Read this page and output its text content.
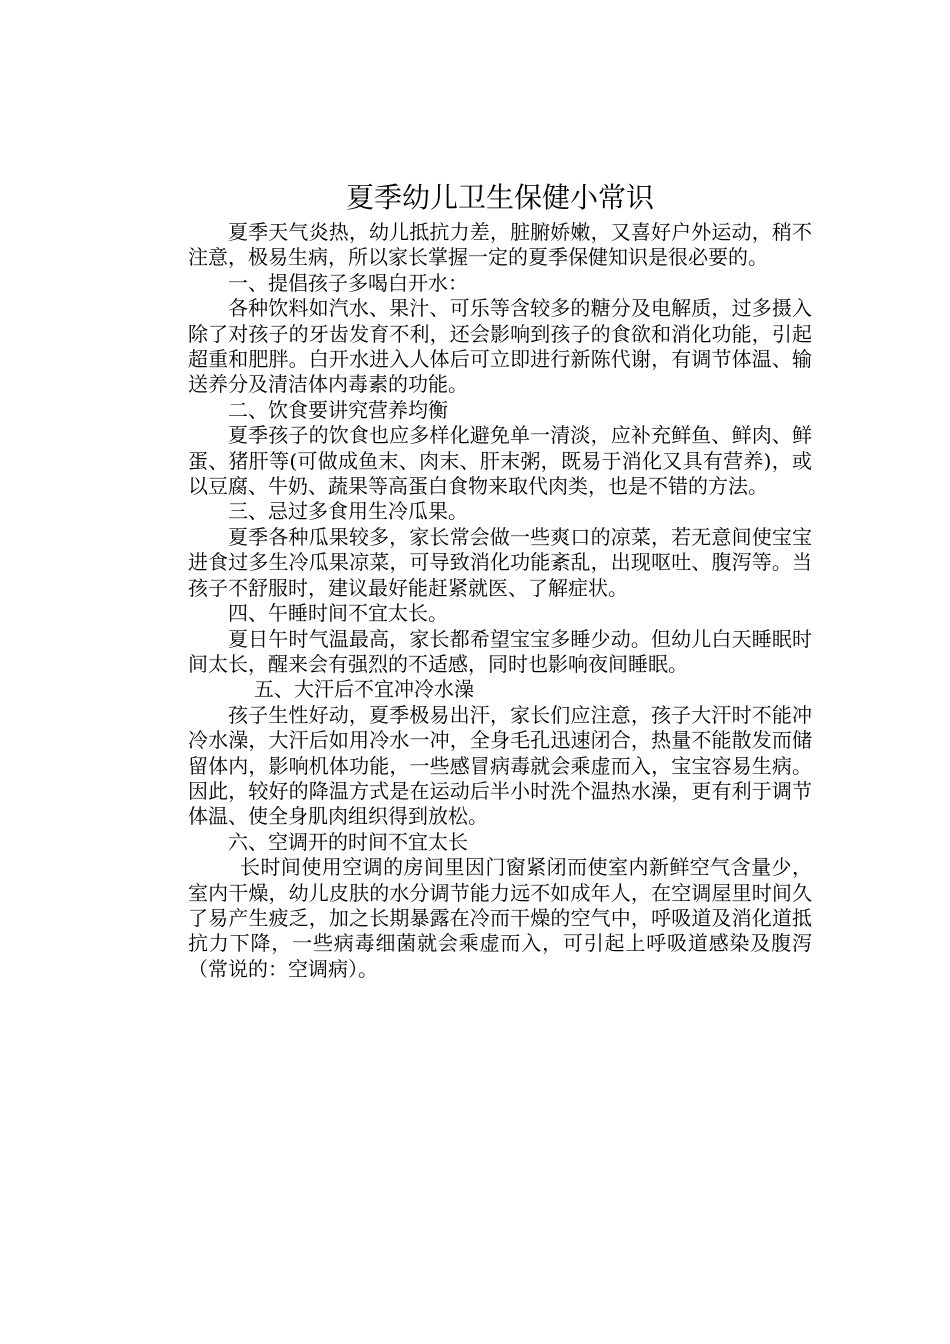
夏季幼儿卫生保健小常识

夏季天气炎热，幼儿抵抗力差，脏腑娇嫩，又喜好户外运动，稍不注意，极易生病，所以家长掌握一定的夏季保健知识是很必要的。

一、提倡孩子多喝白开水：

各种饮料如汽水、果汁、可乐等含较多的糖分及电解质，过多摄入除了对孩子的牙齿发育不利，还会影响到孩子的食欲和消化功能，引起超重和肥胖。白开水进入人体后可立即进行新陈代谢，有调节体温、输送养分及清洁体内毒素的功能。

二、饮食要讲究营养均衡

夏季孩子的饮食也应多样化避免单一清淡，应补充鲜鱼、鲜肉、鲜蛋、猪肝等(可做成鱼末、肉末、肝末粥，既易于消化又具有营养)，或以豆腐、牛奶、蔬果等高蛋白食物来取代肉类，也是不错的方法。

三、忌过多食用生冷瓜果。

夏季各种瓜果较多，家长常会做一些爽口的凉菜，若无意间使宝宝进食过多生冷瓜果凉菜，可导致消化功能紊乱，出现呕吐、腹泻等。当孩子不舒服时，建议最好能赶紧就医、了解症状。

四、午睡时间不宜太长。

夏日午时气温最高，家长都希望宝宝多睡少动。但幼儿白天睡眠时间太长，醒来会有强烈的不适感，同时也影响夜间睡眠。

五、大汗后不宜冲冷水澡

孩子生性好动，夏季极易出汗，家长们应注意，孩子大汗时不能冲冷水澡，大汗后如用冷水一冲，全身毛孔迅速闭合，热量不能散发而储留体内，影响机体功能，一些感冒病毒就会乘虚而入，宝宝容易生病。因此，较好的降温方式是在运动后半小时洗个温热水澡，更有利于调节体温、使全身肌肉组织得到放松。

六、空调开的时间不宜太长

长时间使用空调的房间里因门窗紧闭而使室内新鲜空气含量少，室内干燥，幼儿皮肤的水分调节能力远不如成年人，在空调屋里时间久了易产生疲乏，加之长期暴露在冷而干燥的空气中，呼吸道及消化道抵抗力下降，一些病毒细菌就会乘虚而入，可引起上呼吸道感染及腹泻（常说的：空调病）。
